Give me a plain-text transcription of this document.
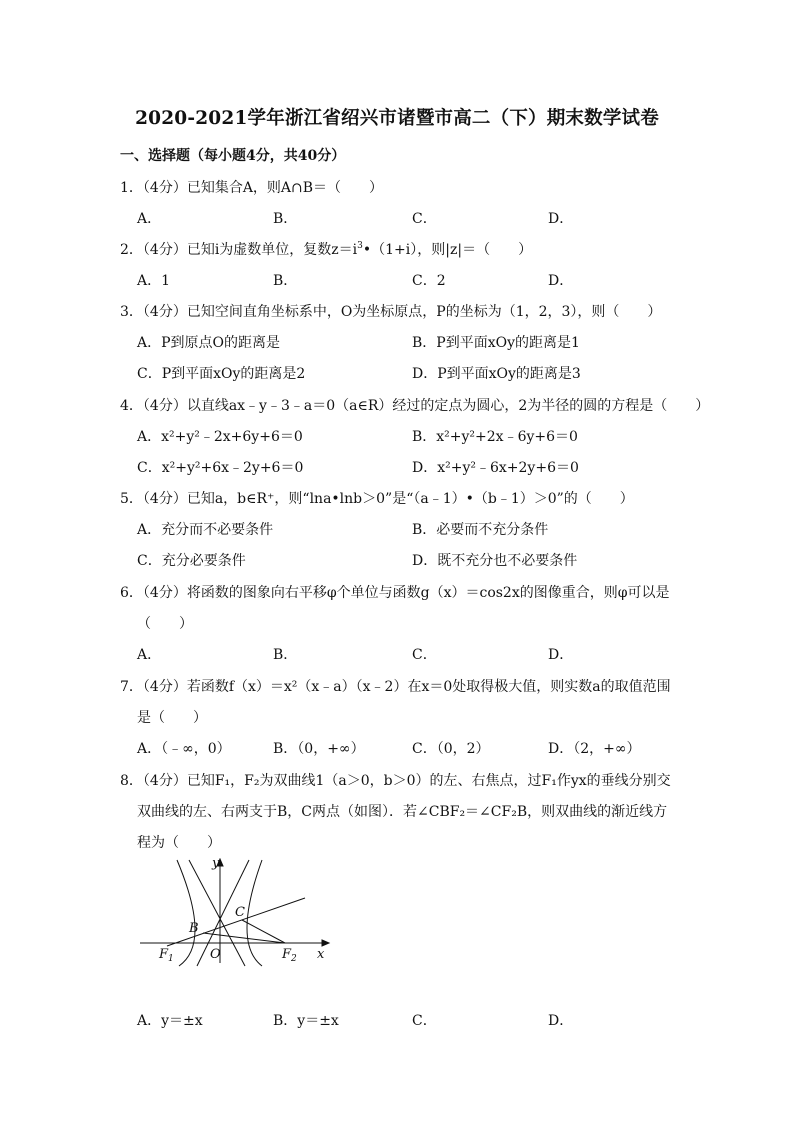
2020-2021学年浙江省绍兴市诸暨市高二（下）期末数学试卷
一、选择题（每小题4分，共40分）
1．（4分）已知集合A，则A∩B＝（　　）
A．	B．	C．	D．
2．（4分）已知i为虚数单位，复数$z=i^3•(1+i)$，则|z|＝（　　）
A．1	B．	C．2	D．
3．（4分）已知空间直角坐标系中，O为坐标原点，P的坐标为（1，2，3），则（　　）
A．P到原点O的距离是	B．P到平面xOy的距离是1
C．P到平面xOy的距离是2	D．P到平面xOy的距离是3
4．（4分）以直线ax﹣y﹣3﹣a＝0（a∈R）经过的定点为圆心，2为半径的圆的方程是（　　）
A．x²+y²﹣2x+6y+6＝0	B．x²+y²+2x﹣6y+6＝0
C．x²+y²+6x﹣2y+6＝0	D．x²+y²﹣6x+2y+6＝0
5．（4分）已知a，b∈R⁺，则“lna•lnb＞0”是“（a﹣1）•（b﹣1）＞0”的（　　）
A．充分而不必要条件	B．必要而不充分条件
C．充分必要条件	D．既不充分也不必要条件
6．（4分）将函数的图象向右平移φ个单位与函数g（x）＝cos2x的图像重合，则φ可以是
（　　）
A．	B．	C．	D．
7．（4分）若函数f（x）＝x²（x﹣a）（x﹣2）在x＝0处取得极大值，则实数a的取值范围
是（　　）
A．（﹣∞，0）	B．（0，+∞）	C．（0，2）	D．（2，+∞）
8．（4分）已知F₁，F₂为双曲线1（a＞0，b＞0）的左、右焦点，过F₁作yx的垂线分别交
双曲线的左、右两支于B，C两点（如图）．若∠CBF₂＝∠CF₂B，则双曲线的渐近线方
程为（　　）
y
x
O
B
C
$F_1$	$F_2$
A．y＝±x	B．y＝±x	C．	D．
